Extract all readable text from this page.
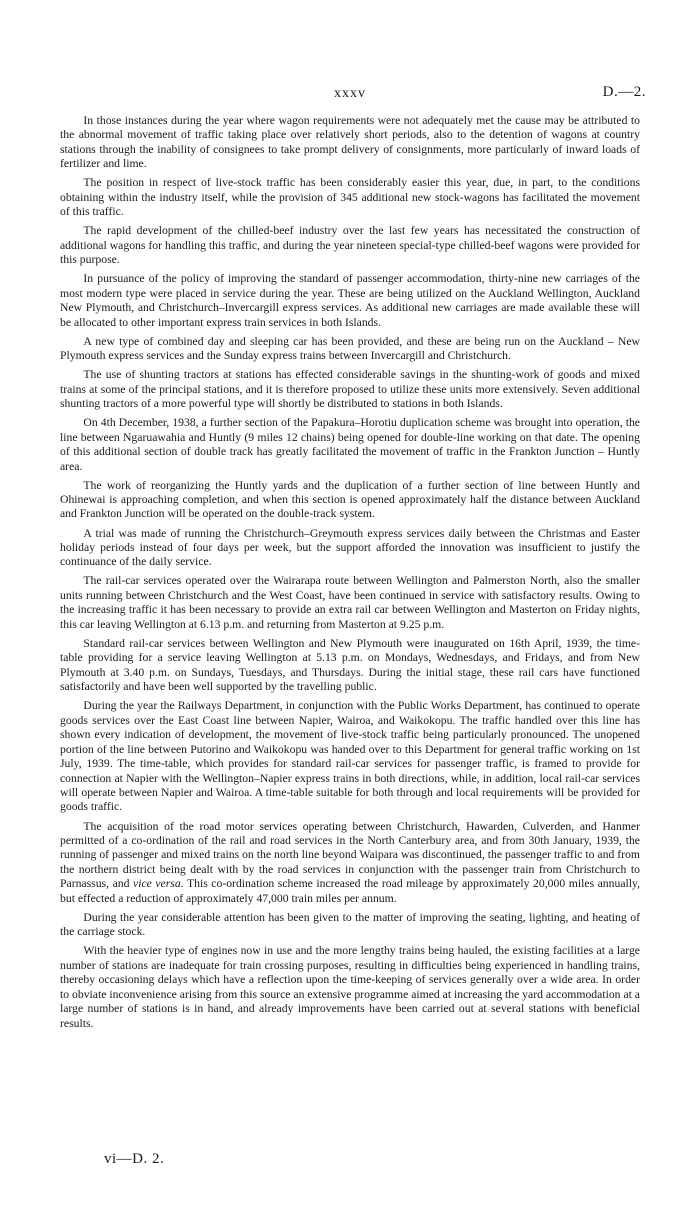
xxxv	D.—2.

In those instances during the year where wagon requirements were not adequately met the cause may be attributed to the abnormal movement of traffic taking place over relatively short periods, also to the detention of wagons at country stations through the inability of consignees to take prompt delivery of consignments, more particularly of inward loads of fertilizer and lime.

The position in respect of live-stock traffic has been considerably easier this year, due, in part, to the conditions obtaining within the industry itself, while the provision of 345 additional new stock-wagons has facilitated the movement of this traffic.

The rapid development of the chilled-beef industry over the last few years has necessitated the construction of additional wagons for handling this traffic, and during the year nineteen special-type chilled-beef wagons were provided for this purpose.

In pursuance of the policy of improving the standard of passenger accommodation, thirty-nine new carriages of the most modern type were placed in service during the year. These are being utilized on the Auckland Wellington, Auckland New Plymouth, and Christchurch–Invercargill express services. As additional new carriages are made available these will be allocated to other important express train services in both Islands.

A new type of combined day and sleeping car has been provided, and these are being run on the Auckland – New Plymouth express services and the Sunday express trains between Invercargill and Christchurch.

The use of shunting tractors at stations has effected considerable savings in the shunting-work of goods and mixed trains at some of the principal stations, and it is therefore proposed to utilize these units more extensively. Seven additional shunting tractors of a more powerful type will shortly be distributed to stations in both Islands.

On 4th December, 1938, a further section of the Papakura–Horotiu duplication scheme was brought into operation, the line between Ngaruawahia and Huntly (9 miles 12 chains) being opened for double-line working on that date. The opening of this additional section of double track has greatly facilitated the movement of traffic in the Frankton Junction – Huntly area.

The work of reorganizing the Huntly yards and the duplication of a further section of line between Huntly and Ohinewai is approaching completion, and when this section is opened approximately half the distance between Auckland and Frankton Junction will be operated on the double-track system.

A trial was made of running the Christchurch–Greymouth express services daily between the Christmas and Easter holiday periods instead of four days per week, but the support afforded the innovation was insufficient to justify the continuance of the daily service.

The rail-car services operated over the Wairarapa route between Wellington and Palmerston North, also the smaller units running between Christchurch and the West Coast, have been continued in service with satisfactory results. Owing to the increasing traffic it has been necessary to provide an extra rail car between Wellington and Masterton on Friday nights, this car leaving Wellington at 6.13 p.m. and returning from Masterton at 9.25 p.m.

Standard rail-car services between Wellington and New Plymouth were inaugurated on 16th April, 1939, the time-table providing for a service leaving Wellington at 5.13 p.m. on Mondays, Wednesdays, and Fridays, and from New Plymouth at 3.40 p.m. on Sundays, Tuesdays, and Thursdays. During the initial stage, these rail cars have functioned satisfactorily and have been well supported by the travelling public.

During the year the Railways Department, in conjunction with the Public Works Department, has continued to operate goods services over the East Coast line between Napier, Wairoa, and Waikokopu. The traffic handled over this line has shown every indication of development, the movement of live-stock traffic being particularly pronounced. The unopened portion of the line between Putorino and Waikokopu was handed over to this Department for general traffic working on 1st July, 1939. The time-table, which provides for standard rail-car services for passenger traffic, is framed to provide for connection at Napier with the Wellington–Napier express trains in both directions, while, in addition, local rail-car services will operate between Napier and Wairoa. A time-table suitable for both through and local requirements will be provided for goods traffic.

The acquisition of the road motor services operating between Christchurch, Hawarden, Culverden, and Hanmer permitted of a co-ordination of the rail and road services in the North Canterbury area, and from 30th January, 1939, the running of passenger and mixed trains on the north line beyond Waipara was discontinued, the passenger traffic to and from the northern district being dealt with by the road services in conjunction with the passenger train from Christchurch to Parnassus, and vice versa. This co-ordination scheme increased the road mileage by approximately 20,000 miles annually, but effected a reduction of approximately 47,000 train miles per annum.

During the year considerable attention has been given to the matter of improving the seating, lighting, and heating of the carriage stock.

With the heavier type of engines now in use and the more lengthy trains being hauled, the existing facilities at a large number of stations are inadequate for train crossing purposes, resulting in difficulties being experienced in handling trains, thereby occasioning delays which have a reflection upon the time-keeping of services generally over a wide area. In order to obviate inconvenience arising from this source an extensive programme aimed at increasing the yard accommodation at a large number of stations is in hand, and already improvements have been carried out at several stations with beneficial results.

vi—D. 2.
